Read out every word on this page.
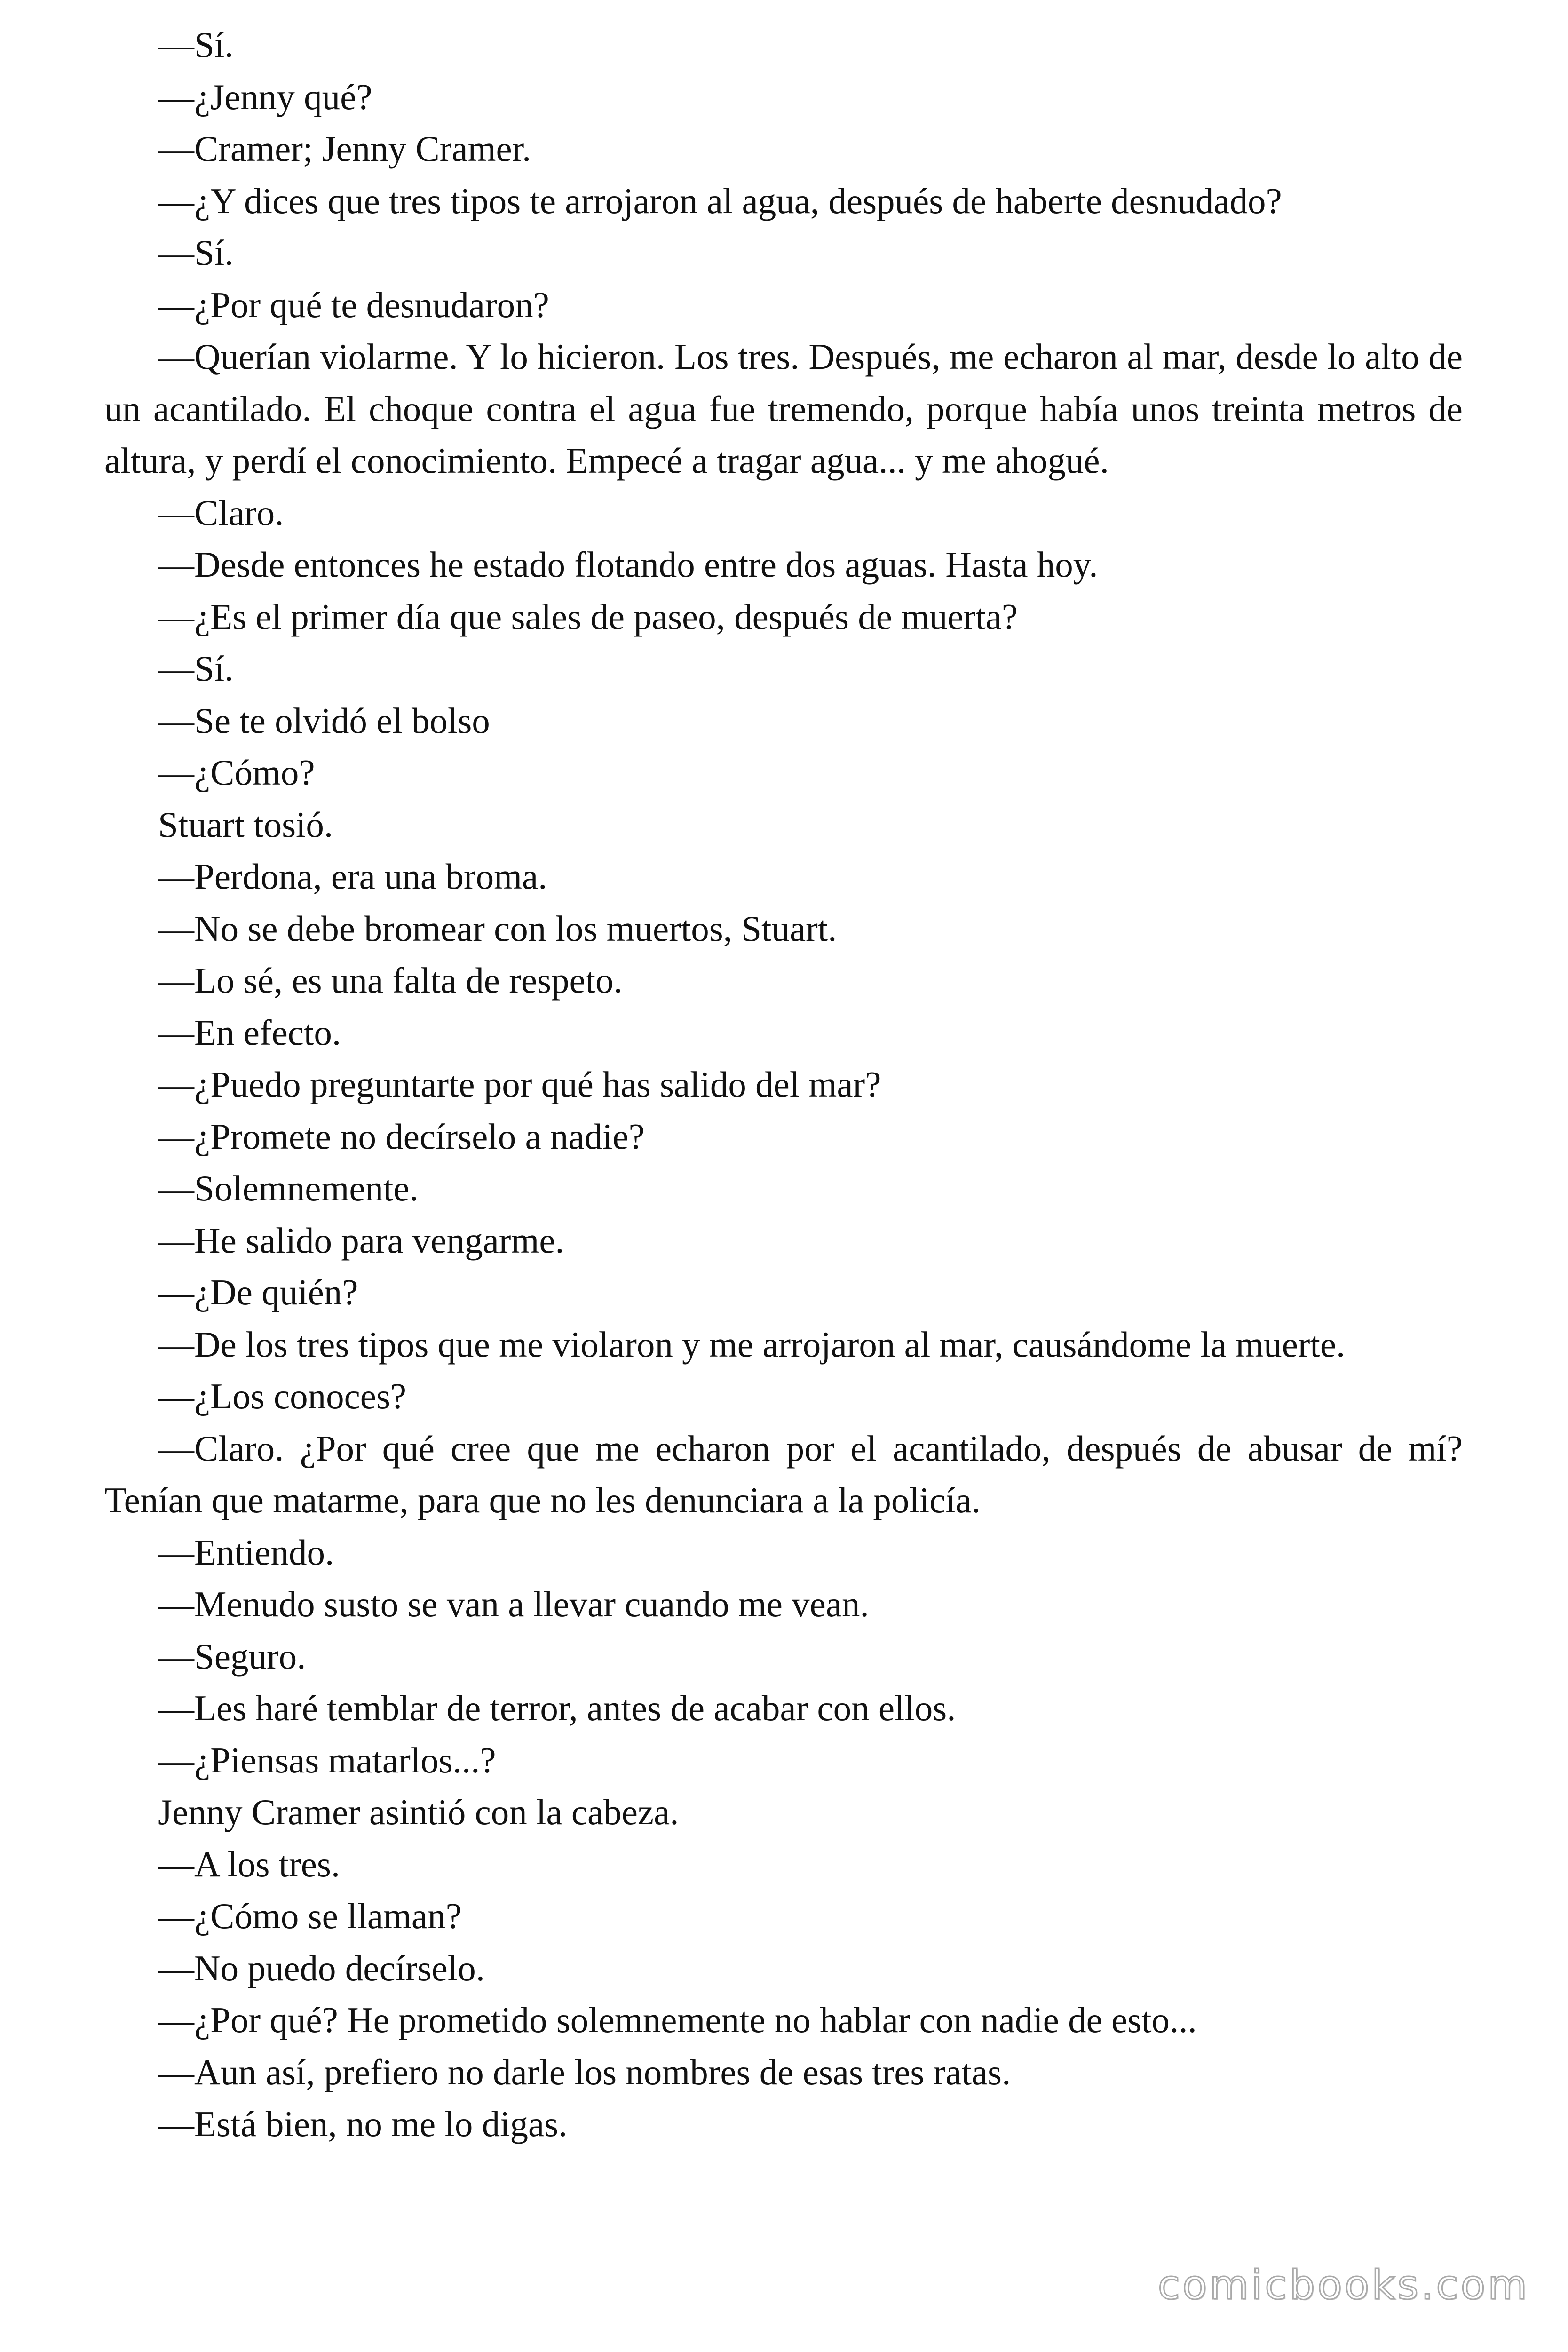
—Sí.

—¿Jenny qué?

—Cramer; Jenny Cramer.

—¿Y dices que tres tipos te arrojaron al agua, después de haberte desnudado?

—Sí.

—¿Por qué te desnudaron?

—Querían violarme. Y lo hicieron. Los tres. Después, me echaron al mar, desde lo alto de un acantilado. El choque contra el agua fue tremendo, porque había unos treinta metros de altura, y perdí el conocimiento. Empecé a tragar agua... y me ahogué.

—Claro.

—Desde entonces he estado flotando entre dos aguas. Hasta hoy.

—¿Es el primer día que sales de paseo, después de muerta?

—Sí.

—Se te olvidó el bolso

—¿Cómo?

Stuart tosió.

—Perdona, era una broma.

—No se debe bromear con los muertos, Stuart.

—Lo sé, es una falta de respeto.

—En efecto.

—¿Puedo preguntarte por qué has salido del mar?

—¿Promete no decírselo a nadie?

—Solemnemente.

—He salido para vengarme.

—¿De quién?

—De los tres tipos que me violaron y me arrojaron al mar, causándome la muerte.

—¿Los conoces?

—Claro. ¿Por qué cree que me echaron por el acantilado, después de abusar de mí? Tenían que matarme, para que no les denunciara a la policía.

—Entiendo.

—Menudo susto se van a llevar cuando me vean.

—Seguro.

—Les haré temblar de terror, antes de acabar con ellos.

—¿Piensas matarlos...?

Jenny Cramer asintió con la cabeza.

—A los tres.

—¿Cómo se llaman?

—No puedo decírselo.

—¿Por qué? He prometido solemnemente no hablar con nadie de esto...

—Aun así, prefiero no darle los nombres de esas tres ratas.

—Está bien, no me lo digas.

comicbooks.com
